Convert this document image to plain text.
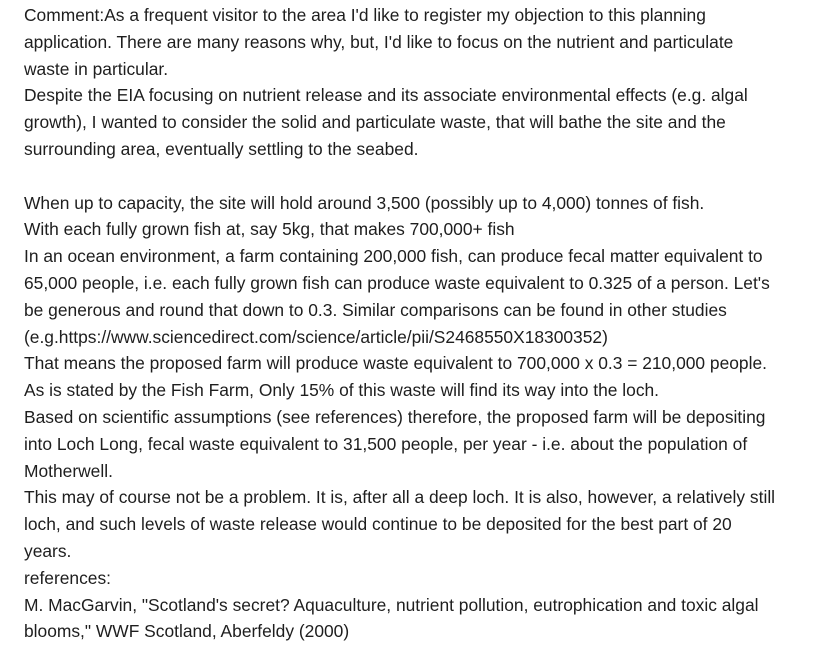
Comment:As a frequent visitor to the area I'd like to register my objection to this planning
application. There are many reasons why, but, I'd like to focus on the nutrient and particulate
waste in particular.
Despite the EIA focusing on nutrient release and its associate environmental effects (e.g. algal
growth), I wanted to consider the solid and particulate waste, that will bathe the site and the
surrounding area, eventually settling to the seabed.
When up to capacity, the site will hold around 3,500 (possibly up to 4,000) tonnes of fish.
With each fully grown fish at, say 5kg, that makes 700,000+ fish
In an ocean environment, a farm containing 200,000 fish, can produce fecal matter equivalent to
65,000 people, i.e. each fully grown fish can produce waste equivalent to 0.325 of a person. Let's
be generous and round that down to 0.3. Similar comparisons can be found in other studies
(e.g.https://www.sciencedirect.com/science/article/pii/S2468550X18300352)
That means the proposed farm will produce waste equivalent to 700,000 x 0.3 = 210,000 people.
As is stated by the Fish Farm, Only 15% of this waste will find its way into the loch.
Based on scientific assumptions (see references) therefore, the proposed farm will be depositing
into Loch Long, fecal waste equivalent to 31,500 people, per year - i.e. about the population of
Motherwell.
This may of course not be a problem. It is, after all a deep loch. It is also, however, a relatively still
loch, and such levels of waste release would continue to be deposited for the best part of 20
years.
references:
M. MacGarvin, "Scotland's secret? Aquaculture, nutrient pollution, eutrophication and toxic algal
blooms," WWF Scotland, Aberfeldy (2000)
